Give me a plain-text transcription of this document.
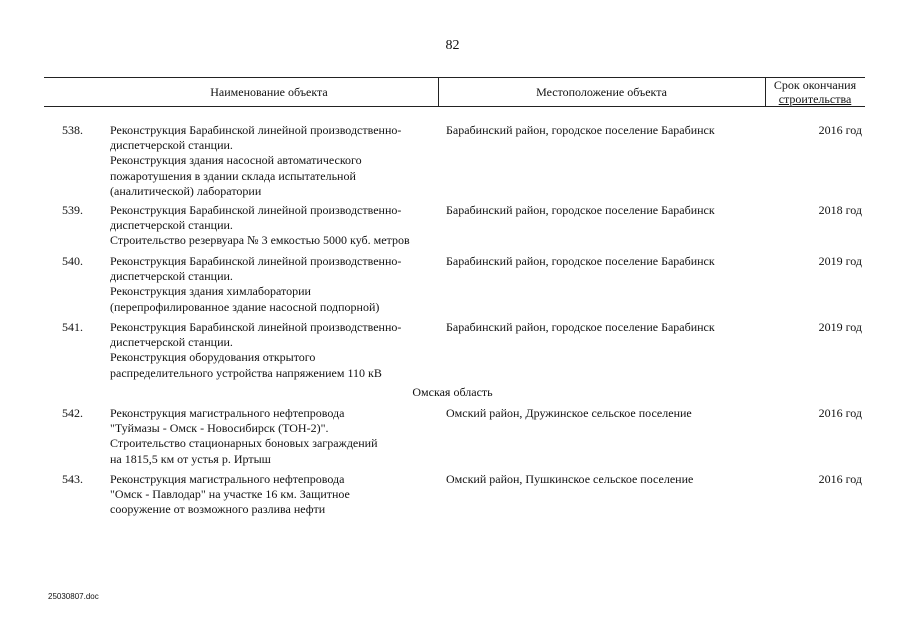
82
Наименование объекта	Местоположение объекта	Срок окончания
строительства
538. Реконструкция Барабинской линейной производственно-
диспетчерской станции.
Реконструкция здания насосной автоматического
пожаротушения в здании склада испытательной
(аналитической) лаборатории
Барабинский район, городское поселение Барабинск	2016 год
539. Реконструкция Барабинской линейной производственно-
диспетчерской станции.
Строительство резервуара № 3 емкостью 5000 куб. метров
Барабинский район, городское поселение Барабинск	2018 год
540. Реконструкция Барабинской линейной производственно-
диспетчерской станции.
Реконструкция здания химлаборатории
(перепрофилированное здание насосной подпорной)
Барабинский район, городское поселение Барабинск	2019 год
541. Реконструкция Барабинской линейной производственно-
диспетчерской станции.
Реконструкция оборудования открытого
распределительного устройства напряжением 110 кВ
Барабинский район, городское поселение Барабинск	2019 год
Омская область
542. Реконструкция магистрального нефтепровода
"Туймазы - Омск - Новосибирск (ТОН-2)".
Строительство стационарных боновых заграждений
на 1815,5 км от устья р. Иртыш
Омский район, Дружинское сельское поселение	2016 год
543. Реконструкция магистрального нефтепровода
"Омск - Павлодар" на участке 16 км. Защитное
сооружение от возможного разлива нефти
Омский район, Пушкинское сельское поселение	2016 год
25030807.doc
